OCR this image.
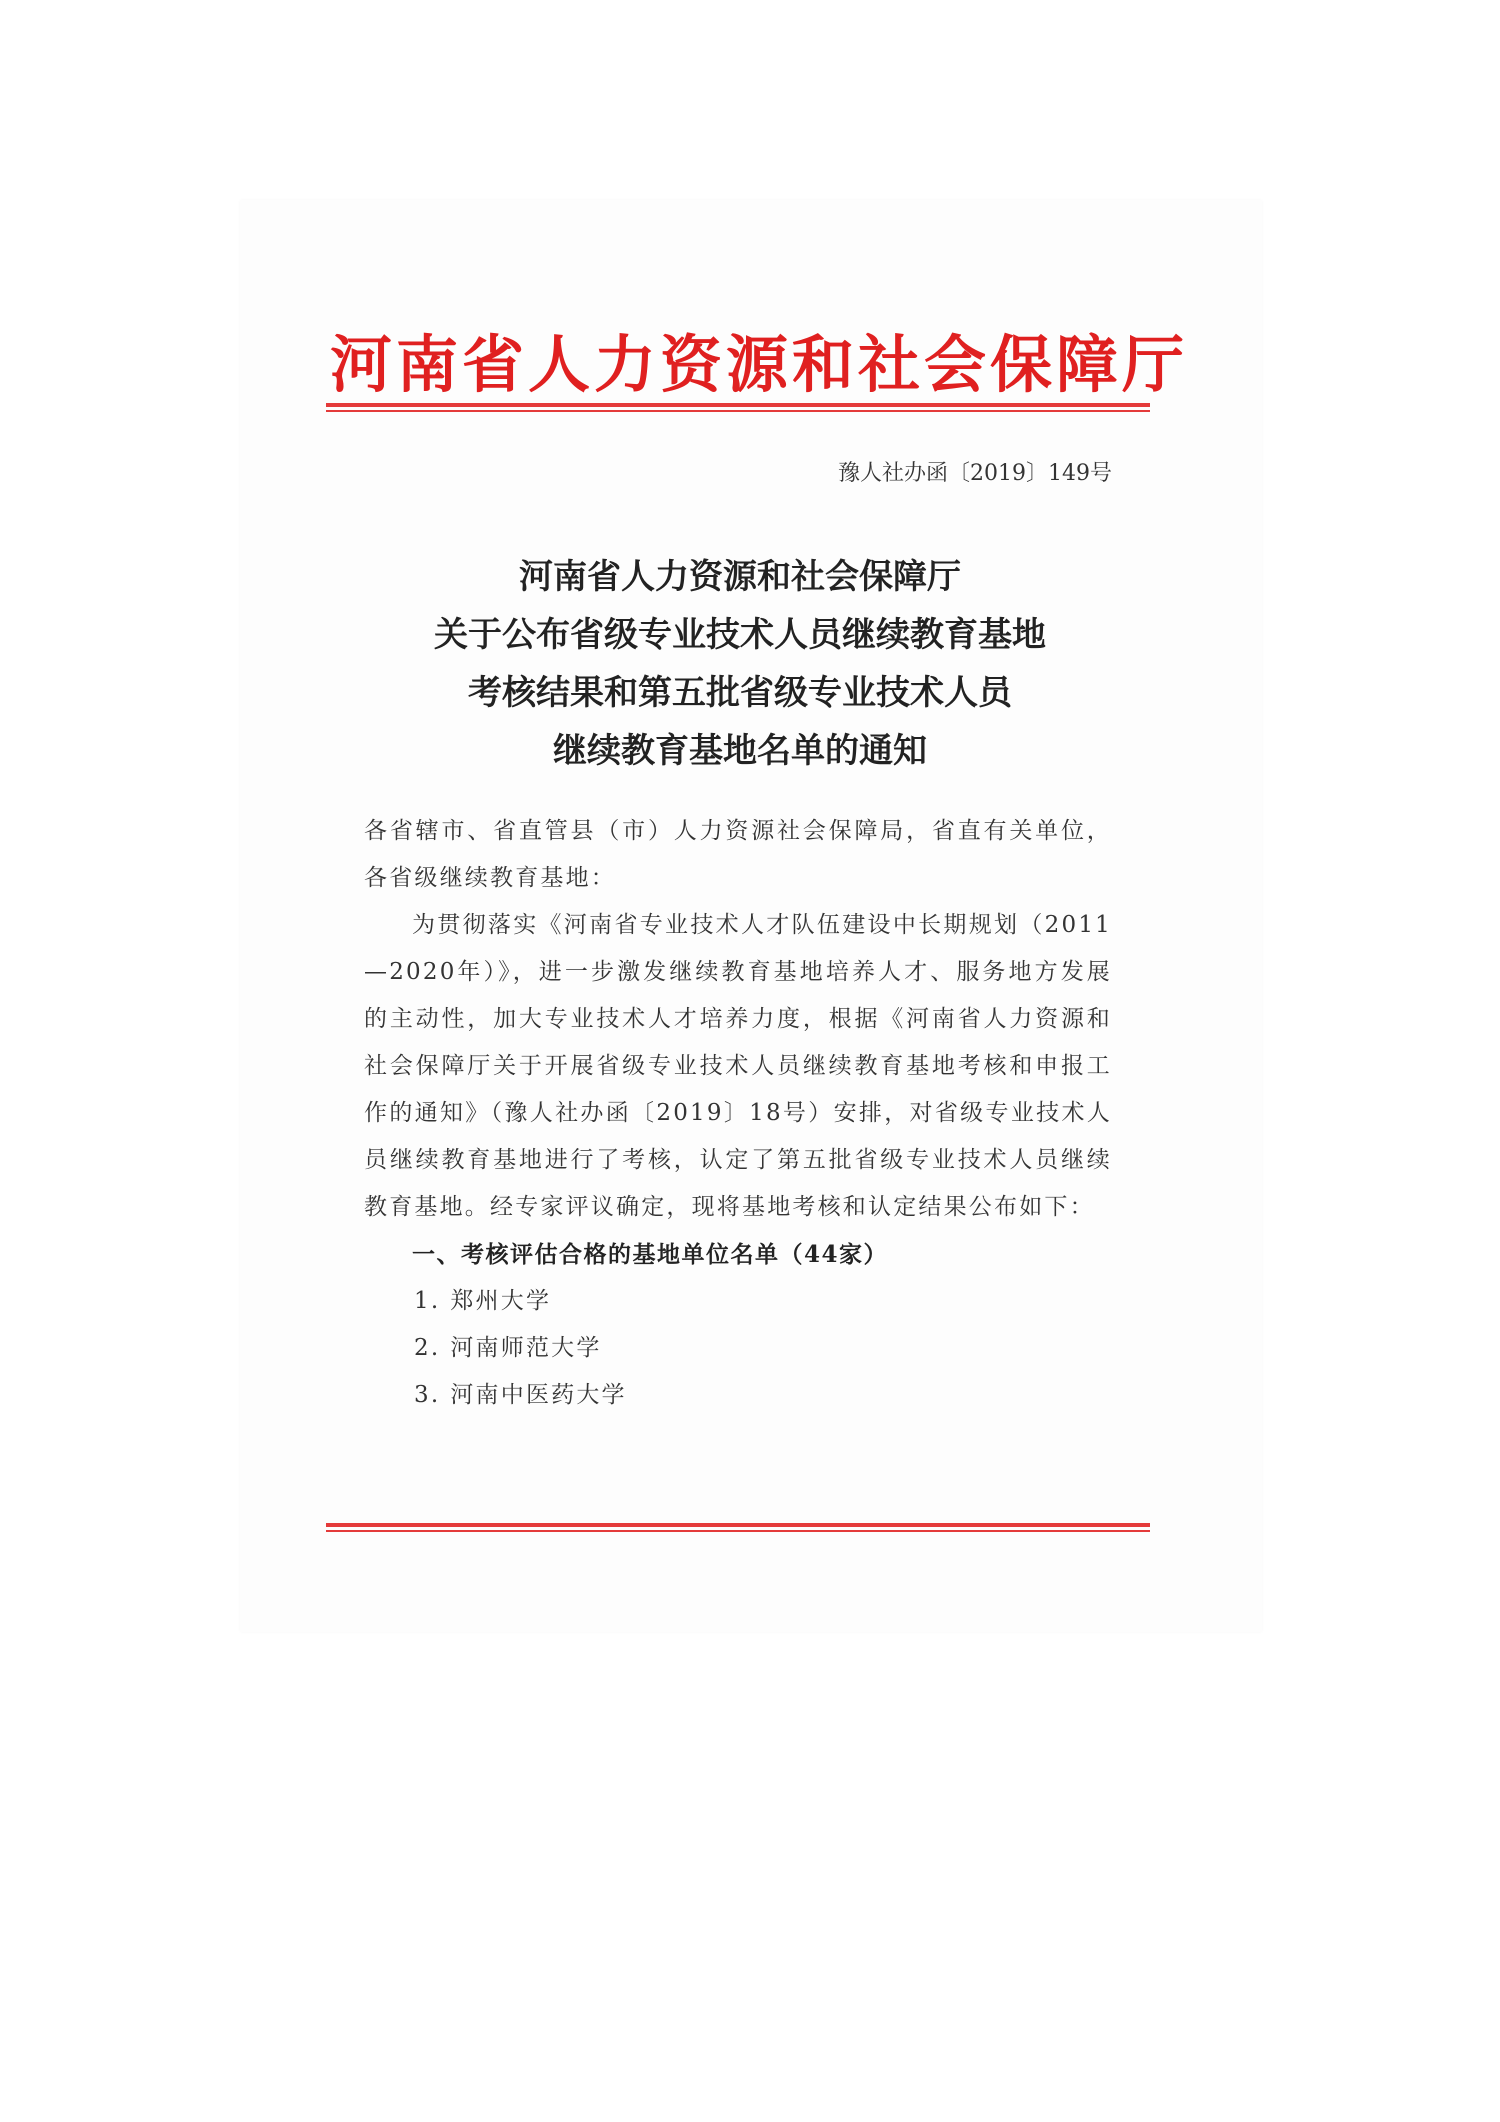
河南省人力资源和社会保障厅
豫人社办函〔2019〕149号
河南省人力资源和社会保障厅
关于公布省级专业技术人员继续教育基地
考核结果和第五批省级专业技术人员
继续教育基地名单的通知

各省辖市、省直管县（市）人力资源社会保障局，省直有关单位，各省级继续教育基地：

为贯彻落实《河南省专业技术人才队伍建设中长期规划（2011—2020年）》，进一步激发继续教育基地培养人才、服务地方发展的主动性，加大专业技术人才培养力度，根据《河南省人力资源和社会保障厅关于开展省级专业技术人员继续教育基地考核和申报工作的通知》（豫人社办函〔2019〕18号）安排，对省级专业技术人员继续教育基地进行了考核，认定了第五批省级专业技术人员继续教育基地。经专家评议确定，现将基地考核和认定结果公布如下：

一、考核评估合格的基地单位名单（44家）

1. 郑州大学

2. 河南师范大学

3. 河南中医药大学
